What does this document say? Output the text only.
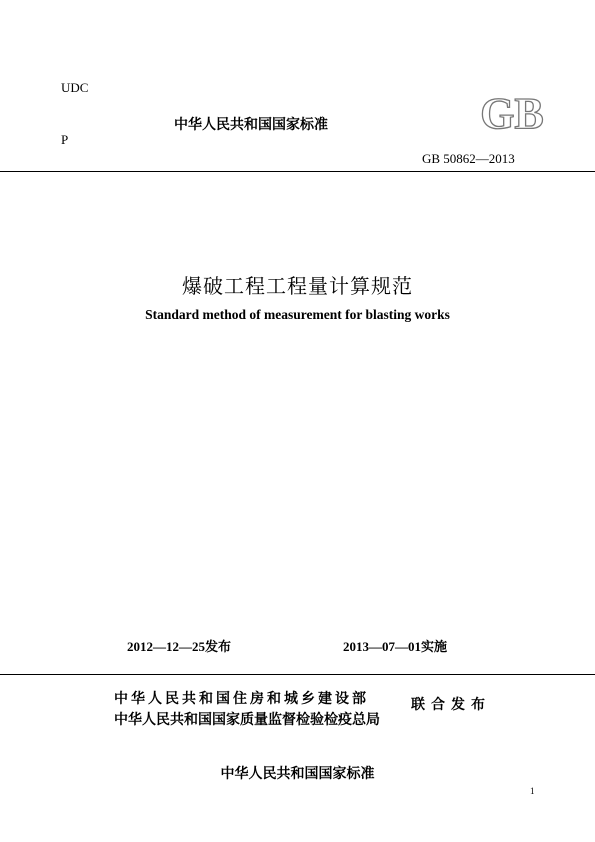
UDC
P
中华人民共和国国家标准	GB
GB 50862—2013
爆破工程工程量计算规范
Standard method of measurement for blasting works
2012—12—25发布	2013—07—01实施
中华人民共和国住房和城乡建设部
中华人民共和国国家质量监督检验检疫总局
联合发布
中华人民共和国国家标准
1
